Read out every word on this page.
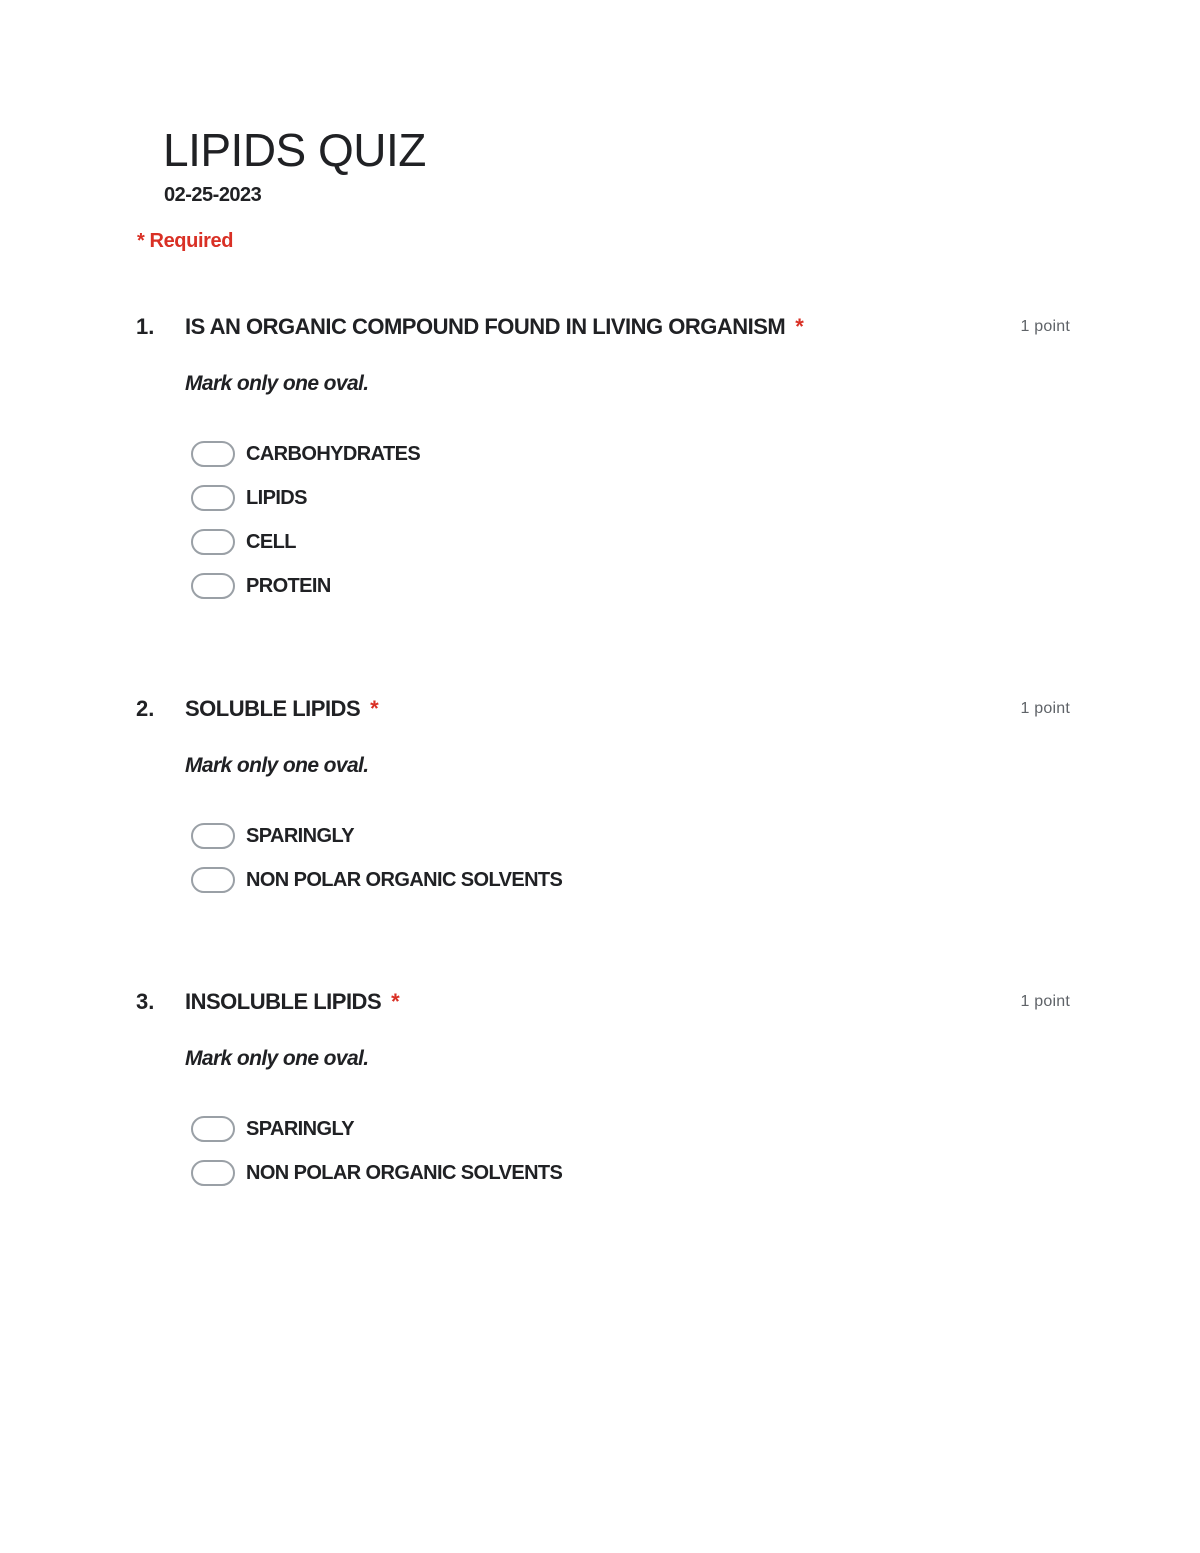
LIPIDS QUIZ
02-25-2023
* Required
1. IS AN ORGANIC COMPOUND FOUND IN LIVING ORGANISM *	1 point
Mark only one oval.
CARBOHYDRATES
LIPIDS
CELL
PROTEIN
2. SOLUBLE LIPIDS *	1 point
Mark only one oval.
SPARINGLY
NON POLAR ORGANIC SOLVENTS
3. INSOLUBLE LIPIDS *	1 point
Mark only one oval.
SPARINGLY
NON POLAR ORGANIC SOLVENTS
